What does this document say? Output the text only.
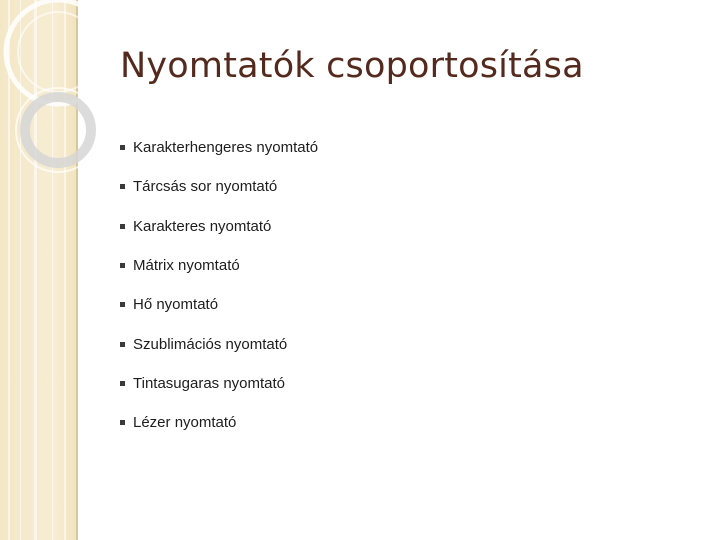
Nyomtatók csoportosítása
Karakterhengeres nyomtató
Tárcsás sor nyomtató
Karakteres nyomtató
Mátrix nyomtató
Hő nyomtató
Szublimációs nyomtató
Tintasugaras nyomtató
Lézer nyomtató
